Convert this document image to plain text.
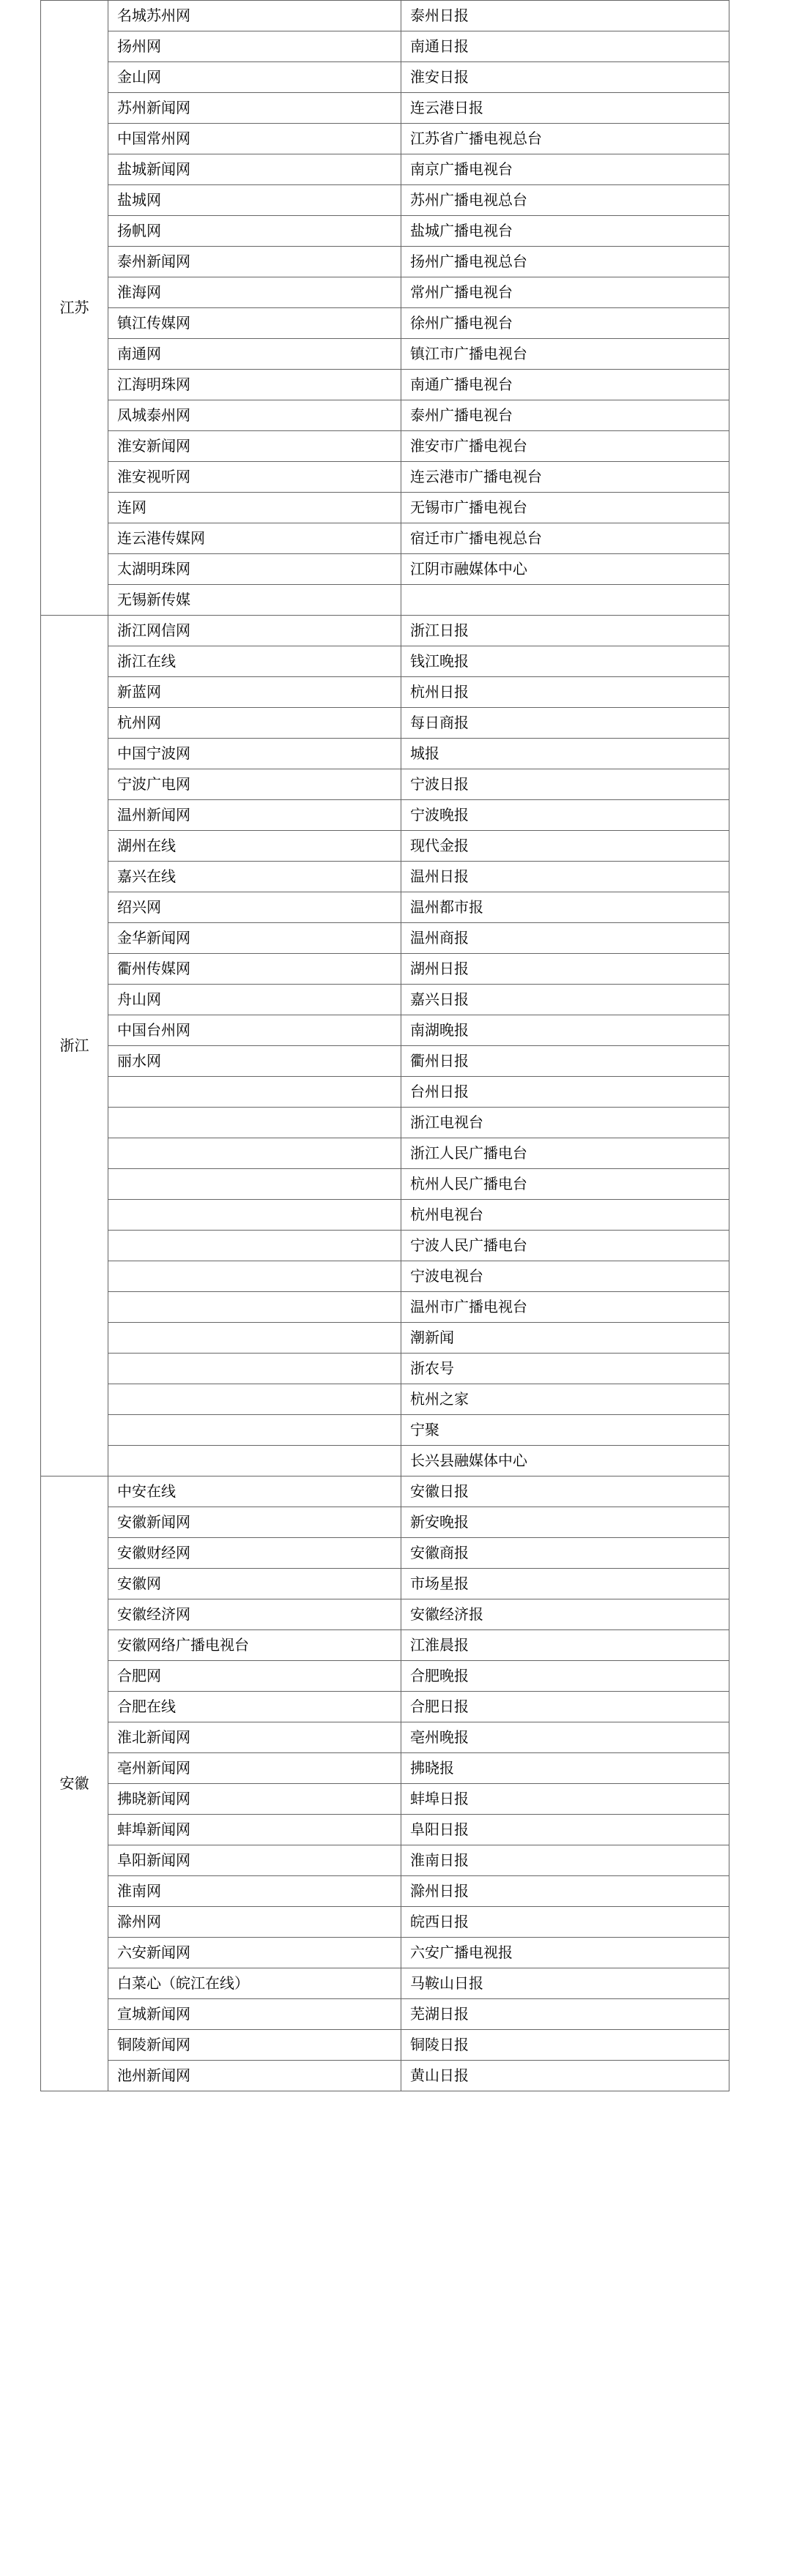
江苏	名城苏州网	泰州日报
	扬州网	南通日报
	金山网	淮安日报
	苏州新闻网	连云港日报
	中国常州网	江苏省广播电视总台
	盐城新闻网	南京广播电视台
	盐城网	苏州广播电视总台
	扬帆网	盐城广播电视台
	泰州新闻网	扬州广播电视总台
	淮海网	常州广播电视台
	镇江传媒网	徐州广播电视台
	南通网	镇江市广播电视台
	江海明珠网	南通广播电视台
	凤城泰州网	泰州广播电视台
	淮安新闻网	淮安市广播电视台
	淮安视听网	连云港市广播电视台
	连网	无锡市广播电视台
	连云港传媒网	宿迁市广播电视总台
	太湖明珠网	江阴市融媒体中心
	无锡新传媒	
浙江	浙江网信网	浙江日报
	浙江在线	钱江晚报
	新蓝网	杭州日报
	杭州网	每日商报
	中国宁波网	城报
	宁波广电网	宁波日报
	温州新闻网	宁波晚报
	湖州在线	现代金报
	嘉兴在线	温州日报
	绍兴网	温州都市报
	金华新闻网	温州商报
	衢州传媒网	湖州日报
	舟山网	嘉兴日报
	中国台州网	南湖晚报
	丽水网	衢州日报
		台州日报
		浙江电视台
		浙江人民广播电台
		杭州人民广播电台
		杭州电视台
		宁波人民广播电台
		宁波电视台
		温州市广播电视台
		潮新闻
		浙农号
		杭州之家
		宁聚
		长兴县融媒体中心
安徽	中安在线	安徽日报
	安徽新闻网	新安晚报
	安徽财经网	安徽商报
	安徽网	市场星报
	安徽经济网	安徽经济报
	安徽网络广播电视台	江淮晨报
	合肥网	合肥晚报
	合肥在线	合肥日报
	淮北新闻网	亳州晚报
	亳州新闻网	拂晓报
	拂晓新闻网	蚌埠日报
	蚌埠新闻网	阜阳日报
	阜阳新闻网	淮南日报
	淮南网	滁州日报
	滁州网	皖西日报
	六安新闻网	六安广播电视报
	白菜心（皖江在线）	马鞍山日报
	宣城新闻网	芜湖日报
	铜陵新闻网	铜陵日报
	池州新闻网	黄山日报
